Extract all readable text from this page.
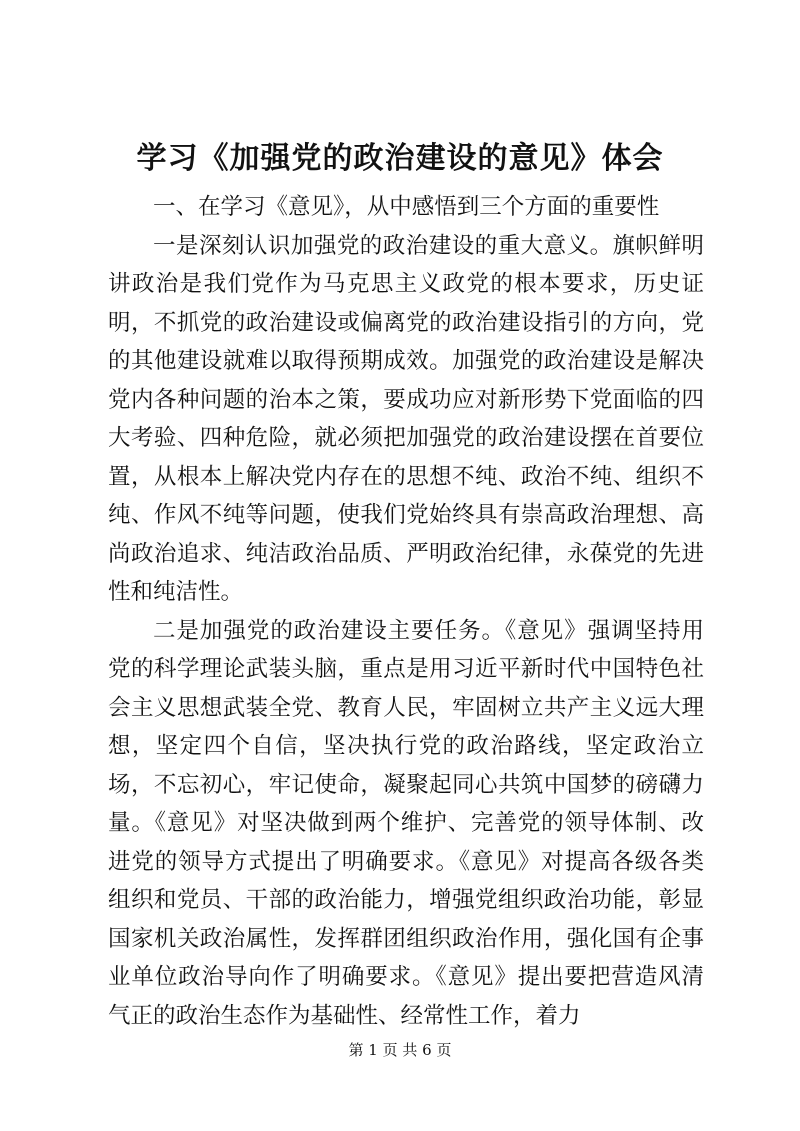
学习《加强党的政治建设的意见》体会

一、在学习《意见》，从中感悟到三个方面的重要性

一是深刻认识加强党的政治建设的重大意义。旗帜鲜明讲政治是我们党作为马克思主义政党的根本要求，历史证明，不抓党的政治建设或偏离党的政治建设指引的方向，党的其他建设就难以取得预期成效。加强党的政治建设是解决党内各种问题的治本之策，要成功应对新形势下党面临的四大考验、四种危险，就必须把加强党的政治建设摆在首要位置，从根本上解决党内存在的思想不纯、政治不纯、组织不纯、作风不纯等问题，使我们党始终具有崇高政治理想、高尚政治追求、纯洁政治品质、严明政治纪律，永葆党的先进性和纯洁性。

二是加强党的政治建设主要任务。《意见》强调坚持用党的科学理论武装头脑，重点是用习近平新时代中国特色社会主义思想武装全党、教育人民，牢固树立共产主义远大理想，坚定四个自信，坚决执行党的政治路线，坚定政治立场，不忘初心，牢记使命，凝聚起同心共筑中国梦的磅礴力量。《意见》对坚决做到两个维护、完善党的领导体制、改进党的领导方式提出了明确要求。《意见》对提高各级各类组织和党员、干部的政治能力，增强党组织政治功能，彰显国家机关政治属性，发挥群团组织政治作用，强化国有企事业单位政治导向作了明确要求。《意见》提出要把营造风清气正的政治生态作为基础性、经常性工作，着力

第 1 页 共 6 页
